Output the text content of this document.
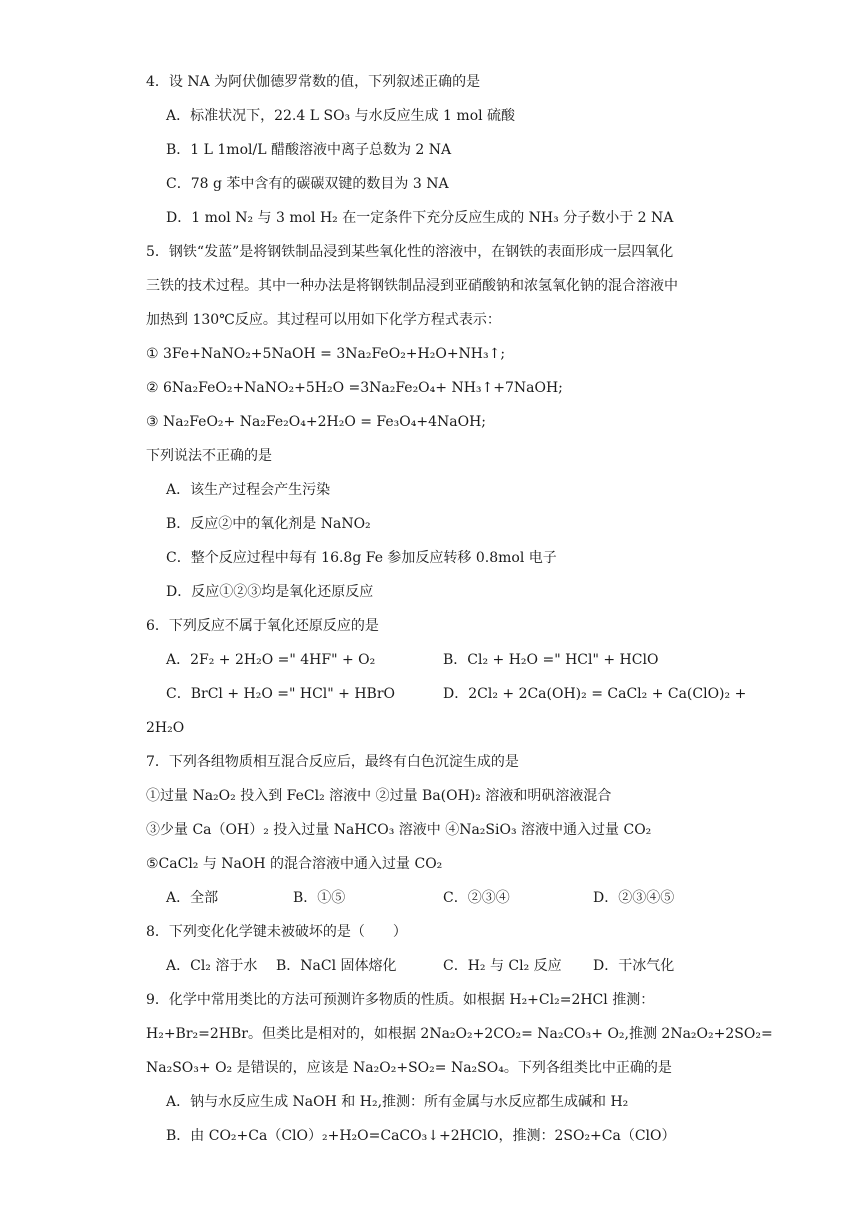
4．设 NA 为阿伏伽德罗常数的值，下列叙述正确的是
A．标准状况下，22.4 L SO₃ 与水反应生成 1 mol 硫酸
B．1 L 1mol/L 醋酸溶液中离子总数为 2 NA
C．78 g 苯中含有的碳碳双键的数目为 3 NA
D．1 mol N₂ 与 3 mol H₂ 在一定条件下充分反应生成的 NH₃ 分子数小于 2 NA
5．钢铁“发蓝”是将钢铁制品浸到某些氧化性的溶液中，在钢铁的表面形成一层四氧化
三铁的技术过程。其中一种办法是将钢铁制品浸到亚硝酸钠和浓氢氧化钠的混合溶液中
加热到 130℃反应。其过程可以用如下化学方程式表示：
① 3Fe+NaNO₂+5NaOH = 3Na₂FeO₂+H₂O+NH₃↑;
② 6Na₂FeO₂+NaNO₂+5H₂O =3Na₂Fe₂O₄+ NH₃↑+7NaOH;
③ Na₂FeO₂+ Na₂Fe₂O₄+2H₂O = Fe₃O₄+4NaOH;
下列说法不正确的是
A．该生产过程会产生污染
B．反应②中的氧化剂是 NaNO₂
C．整个反应过程中每有 16.8g Fe 参加反应转移 0.8mol 电子
D．反应①②③均是氧化还原反应
6．下列反应不属于氧化还原反应的是
A．2F₂ + 2H₂O =" 4HF" + O₂	B．Cl₂ + H₂O =" HCl" + HClO
C．BrCl + H₂O =" HCl" + HBrO	D．2Cl₂ + 2Ca(OH)₂ = CaCl₂ + Ca(ClO)₂ +
2H₂O
7．下列各组物质相互混合反应后，最终有白色沉淀生成的是
①过量 Na₂O₂ 投入到 FeCl₂ 溶液中 ②过量 Ba(OH)₂ 溶液和明矾溶液混合
③少量 Ca（OH）₂ 投入过量 NaHCO₃ 溶液中 ④Na₂SiO₃ 溶液中通入过量 CO₂
⑤CaCl₂ 与 NaOH 的混合溶液中通入过量 CO₂
A．全部	B．①⑤	C．②③④	D．②③④⑤
8．下列变化化学键未被破坏的是（　　）
A．Cl₂ 溶于水 B．NaCl 固体熔化	C．H₂ 与 Cl₂ 反应 D．干冰气化
9．化学中常用类比的方法可预测许多物质的性质。如根据 H₂+Cl₂=2HCl 推测：
H₂+Br₂=2HBr。但类比是相对的，如根据 2Na₂O₂+2CO₂= Na₂CO₃+ O₂,推测 2Na₂O₂+2SO₂=
Na₂SO₃+ O₂ 是错误的，应该是 Na₂O₂+SO₂= Na₂SO₄。下列各组类比中正确的是
A．钠与水反应生成 NaOH 和 H₂,推测：所有金属与水反应都生成碱和 H₂
B．由 CO₂+Ca（ClO）₂+H₂O=CaCO₃↓+2HClO，推测：2SO₂+Ca（ClO）
